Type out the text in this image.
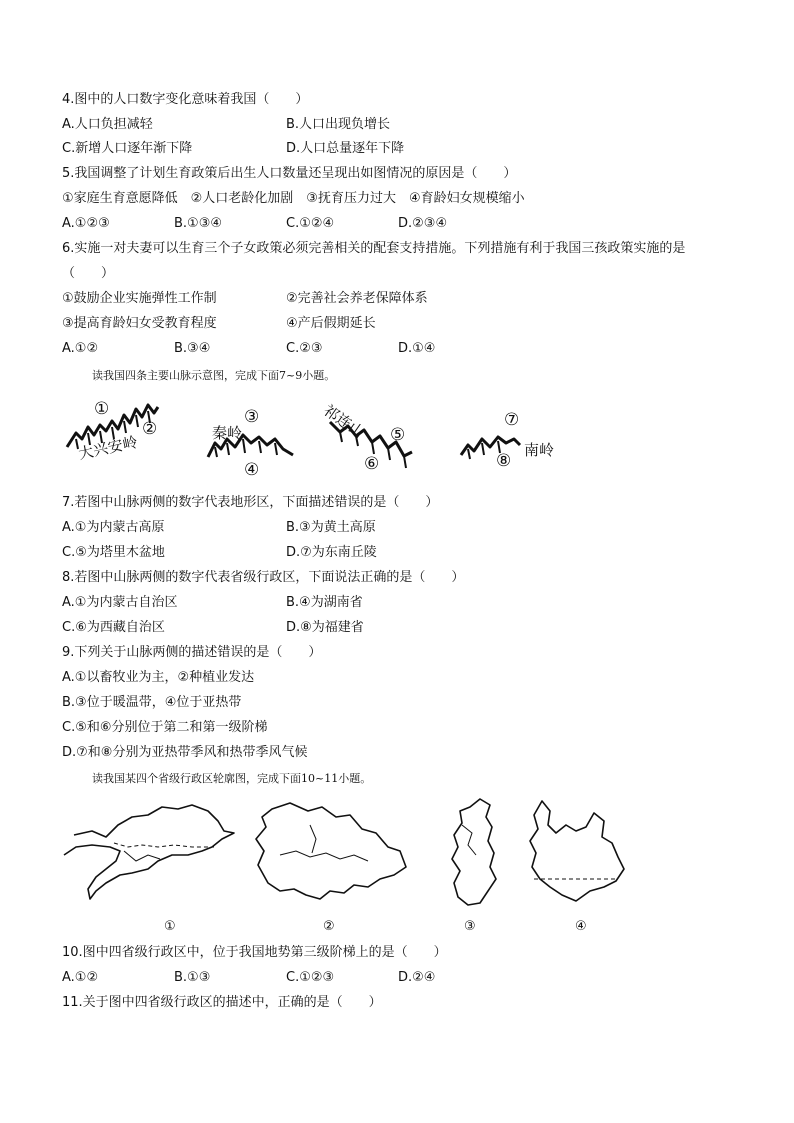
4.图中的人口数字变化意味着我国（　　）
A.人口负担减轻	B.人口出现负增长
C.新增人口逐年渐下降	D.人口总量逐年下降
5.我国调整了计划生育政策后出生人口数量还呈现出如图情况的原因是（　　）
①家庭生育意愿降低　②人口老龄化加剧　③抚育压力过大　④育龄妇女规模缩小
A.①②③	B.①③④	C.①②④	D.②③④
6.实施一对夫妻可以生育三个子女政策必须完善相关的配套支持措施。下列措施有利于我国三孩政策实施的是
（　　）
①鼓励企业实施弹性工作制	②完善社会养老保障体系
③提高育龄妇女受教育程度	④产后假期延长
A.①②	B.③④	C.②③	D.①④
读我国四条主要山脉示意图，完成下面7~9小题。
①
②
大兴安岭
③
④
秦岭	祁连山 ⑤
⑥
⑦
⑧
南岭
7.若图中山脉两侧的数字代表地形区，下面描述错误的是（　　）
A.①为内蒙古高原	B.③为黄土高原
C.⑤为塔里木盆地	D.⑦为东南丘陵
8.若图中山脉两侧的数字代表省级行政区，下面说法正确的是（　　）
A.①为内蒙古自治区	B.④为湖南省
C.⑥为西藏自治区	D.⑧为福建省
9.下列关于山脉两侧的描述错误的是（　　）
A.①以畜牧业为主，②种植业发达
B.③位于暖温带，④位于亚热带
C.⑤和⑥分别位于第二和第一级阶梯
D.⑦和⑧分别为亚热带季风和热带季风气候
读我国某四个省级行政区轮廓图，完成下面10~11小题。
①	②	③	④
10.图中四省级行政区中，位于我国地势第三级阶梯上的是（　　）
A.①②	B.①③	C.①②③	D.②④
11.关于图中四省级行政区的描述中，正确的是（　　）
